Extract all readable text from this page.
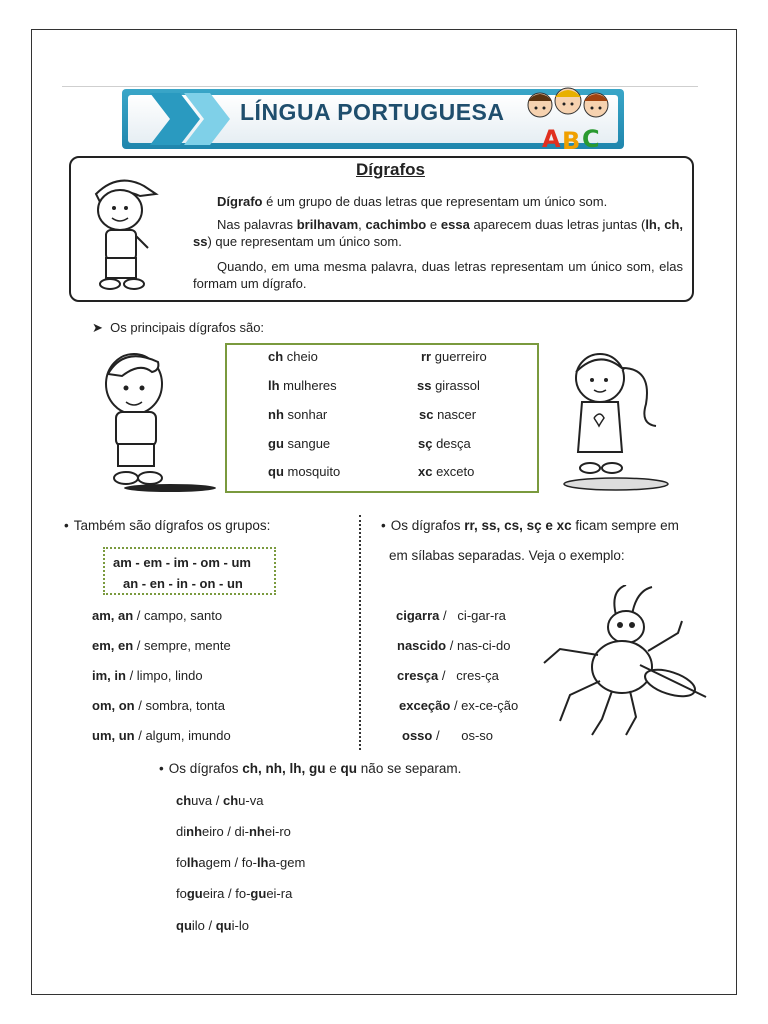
LÍNGUA PORTUGUESA
A B C
Dígrafos
Dígrafo é um grupo de duas letras que representam um único som.
Nas palavras brilhavam, cachimbo e essa aparecem duas letras juntas (lh, ch, ss) que representam um único som.
Quando, em uma mesma palavra, duas letras representam um único som, elas formam um dígrafo.
➤  Os principais dígrafos são:
ch cheio	rr guerreiro
lh mulheres	ss girassol
nh sonhar	sc nascer
gu sangue	sç desça
qu mosquito	xc exceto
• Também são dígrafos os grupos:
am - em - im - om - um
an - en - in - on - un
am, an / campo, santo
em, en / sempre, mente
im, in / limpo, lindo
om, on / sombra, tonta
um, un / algum, imundo
• Os dígrafos rr, ss, cs, sç e xc ficam sempre em
em sílabas separadas. Veja o exemplo:
cigarra /   ci-gar-ra
nascido / nas-ci-do
cresça /   cres-ça
exceção / ex-ce-ção
osso /      os-so
• Os dígrafos ch, nh, lh, gu e qu não se separam.
chuva / chu-va
dinheiro / di-nhei-ro
folhagem / fo-lha-gem
fogueira / fo-guei-ra
quilo / qui-lo
